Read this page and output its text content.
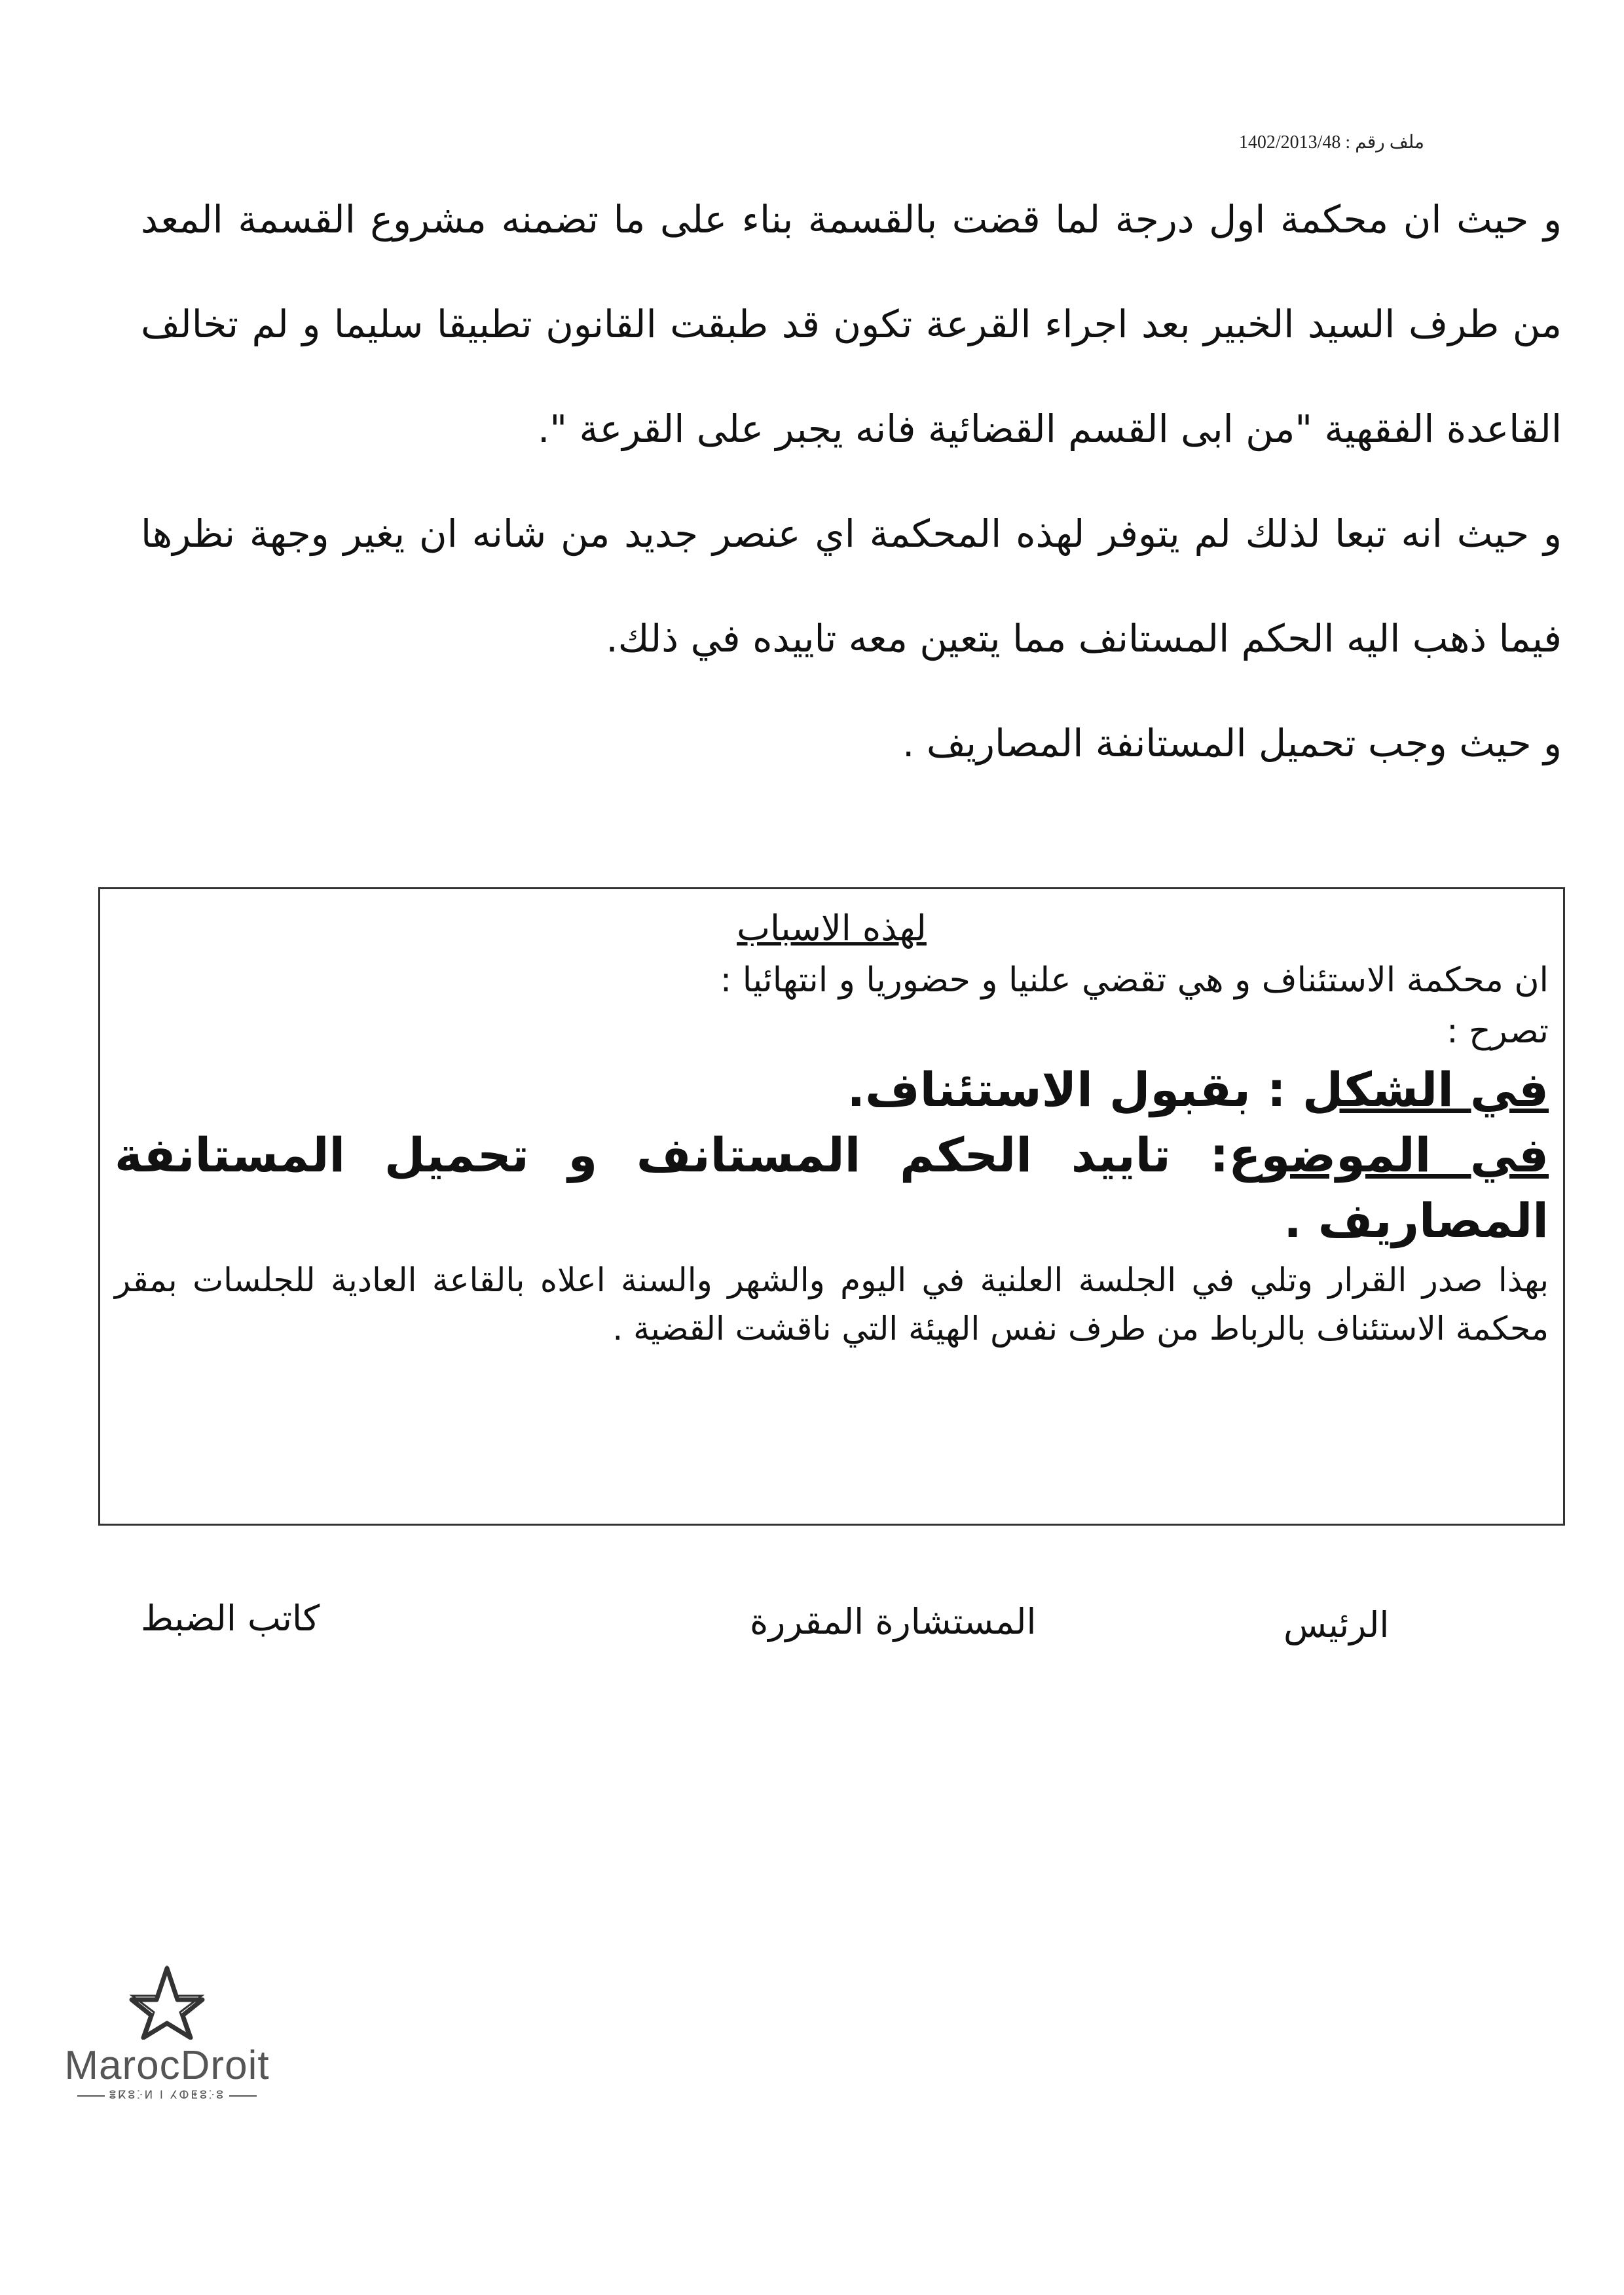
ملف رقم : 1402/2013/48

و حيث ان محكمة اول درجة لما قضت بالقسمة بناء على ما تضمنه مشروع القسمة المعد من طرف السيد الخبير بعد اجراء القرعة تكون قد طبقت القانون تطبيقا سليما و لم تخالف القاعدة الفقهية "من ابى القسم القضائية فانه يجبر على القرعة ".

و حيث انه تبعا لذلك لم يتوفر لهذه المحكمة اي عنصر جديد من شانه ان يغير وجهة نظرها فيما ذهب اليه الحكم المستانف مما يتعين معه تاييده في ذلك.

و حيث وجب تحميل المستانفة المصاريف .

لهذه الاسباب
ان محكمة الاستئناف و هي تقضي علنيا و حضوريا و انتهائيا :
تصرح :
في الشكل : بقبول الاستئناف.
في الموضوع: تاييد الحكم المستانف و تحميل المستانفة المصاريف .
بهذا صدر القرار وتلي في الجلسة العلنية في اليوم والشهر والسنة اعلاه بالقاعة العادية للجلسات بمقر محكمة الاستئناف بالرباط من طرف نفس الهيئة التي ناقشت القضية .
الرئيس
المستشارة المقررة
كاتب الضبط
MarocDroit
ⴻⴽⵓⴾⵍ ⵏ ⵃⵀⵟⵓⴾⵓ
